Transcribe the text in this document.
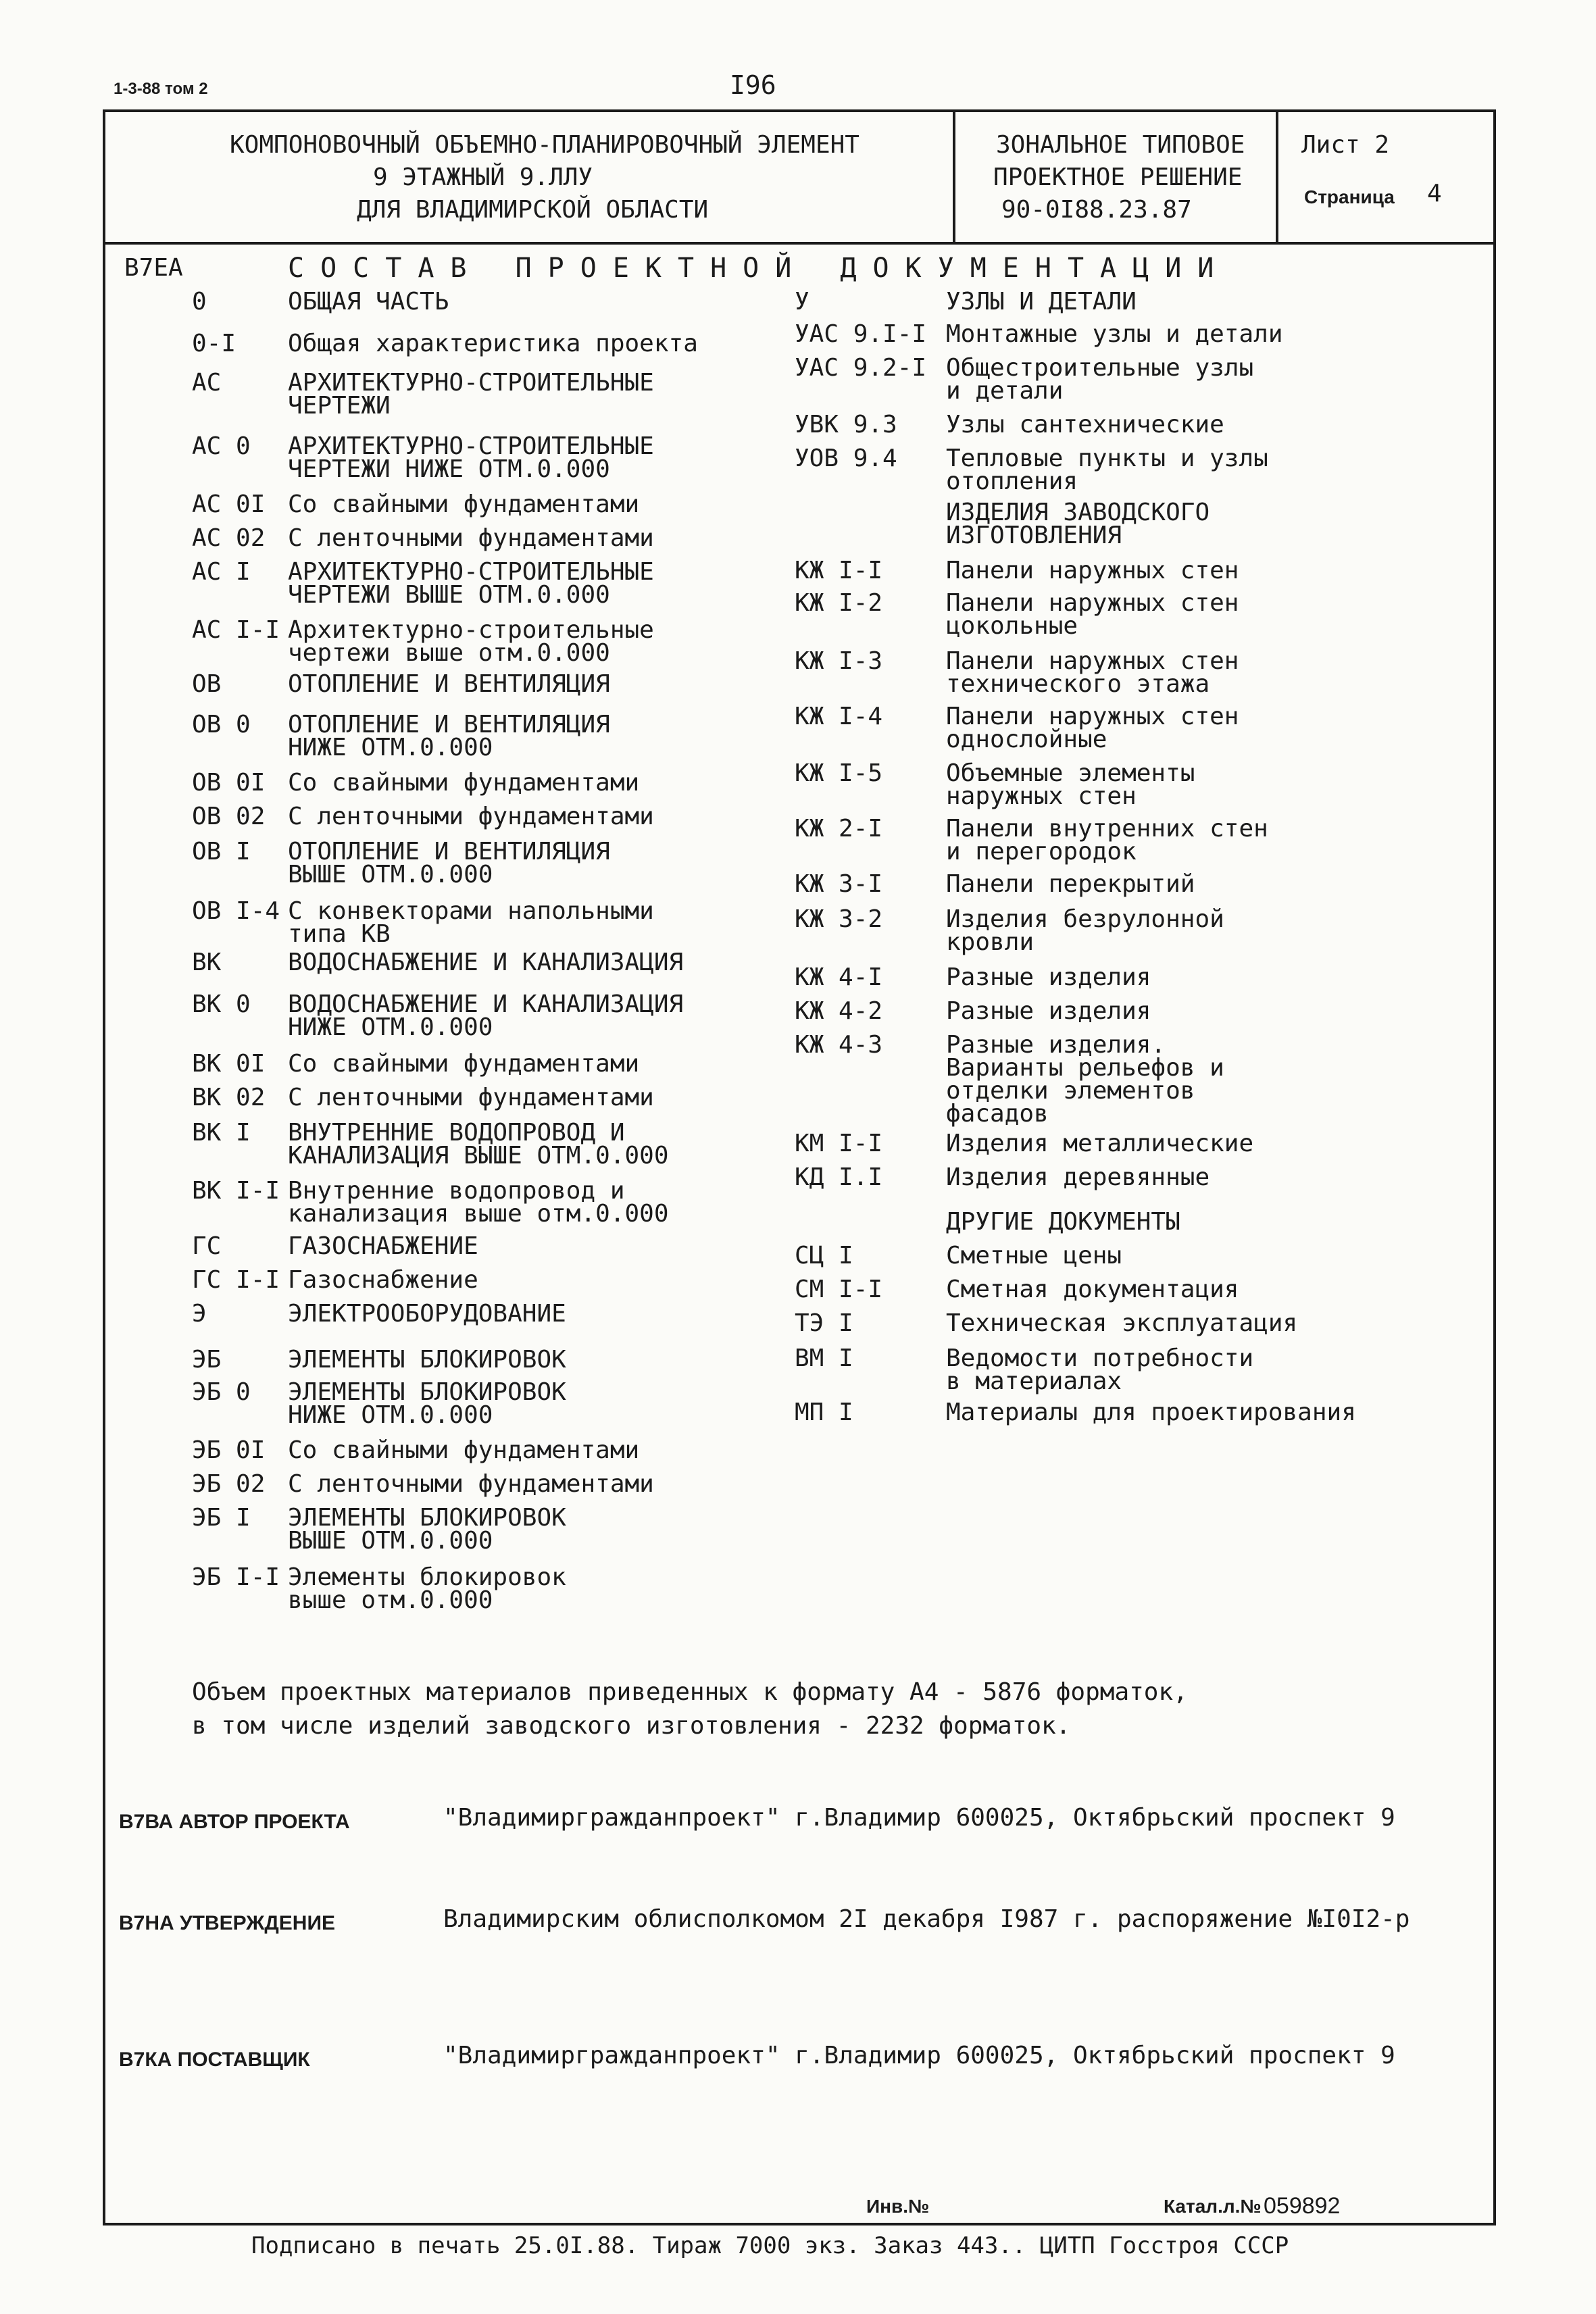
1-3-88 том 2	I96
КОМПОНОВОЧНЫЙ ОБЪЕМНО-ПЛАНИРОВОЧНЫЙ ЭЛЕМЕНТ
9 ЭТАЖНЫЙ 9.ЛЛУ
ДЛЯ ВЛАДИМИРСКОЙ ОБЛАСТИ
ЗОНАЛЬНОЕ ТИПОВОЕ
ПРОЕКТНОЕ РЕШЕНИЕ
90-0I88.23.87
Лист 2
Страница 4
В7ЕА	СОСТАВ ПРОЕКТНОЙ ДОКУМЕНТАЦИИ
0	ОБЩАЯ ЧАСТЬ
0-I Общая характеристика проекта
АС	АРХИТЕКТУРНО-СТРОИТЕЛЬНЫЕ
ЧЕРТЕЖИ
АС 0 АРХИТЕКТУРНО-СТРОИТЕЛЬНЫЕ
ЧЕРТЕЖИ НИЖЕ ОТМ.0.000
АС 0I Со свайными фундаментами
АС 02 С ленточными фундаментами
АС I АРХИТЕКТУРНО-СТРОИТЕЛЬНЫЕ
ЧЕРТЕЖИ ВЫШЕ ОТМ.0.000
АС I-I Архитектурно-строительные
чертежи выше отм.0.000
ОВ	ОТОПЛЕНИЕ И ВЕНТИЛЯЦИЯ
ОВ 0 ОТОПЛЕНИЕ И ВЕНТИЛЯЦИЯ
НИЖЕ ОТМ.0.000
ОВ 0I Со свайными фундаментами
ОВ 02 С ленточными фундаментами
ОВ I ОТОПЛЕНИЕ И ВЕНТИЛЯЦИЯ
ВЫШЕ ОТМ.0.000
ОВ I-4 С конвекторами напольными
типа КВ
ВК	ВОДОСНАБЖЕНИЕ И КАНАЛИЗАЦИЯ
ВК 0 ВОДОСНАБЖЕНИЕ И КАНАЛИЗАЦИЯ
НИЖЕ ОТМ.0.000
ВК 0I Со свайными фундаментами
ВК 02 С ленточными фундаментами
ВК I ВНУТРЕННИЕ ВОДОПРОВОД И
КАНАЛИЗАЦИЯ ВЫШЕ ОТМ.0.000
ВК I-I Внутренние водопровод и
канализация выше отм.0.000
ГС	ГАЗОСНАБЖЕНИЕ
ГС I-I Газоснабжение
Э	ЭЛЕКТРООБОРУДОВАНИЕ
ЭБ	ЭЛЕМЕНТЫ БЛОКИРОВОК
ЭБ 0 ЭЛЕМЕНТЫ БЛОКИРОВОК
НИЖЕ ОТМ.0.000
ЭБ 0I Со свайными фундаментами
ЭБ 02 С ленточными фундаментами
ЭБ I ЭЛЕМЕНТЫ БЛОКИРОВОК
ВЫШЕ ОТМ.0.000
ЭБ I-I Элементы блокировок
выше отм.0.000
У	УЗЛЫ И ДЕТАЛИ
УАС 9.I-I Монтажные узлы и детали
УАС 9.2-I Общестроительные узлы
и детали
УВК 9.3 Узлы сантехнические
УОВ 9.4 Тепловые пункты и узлы
отопления
ИЗДЕЛИЯ ЗАВОДСКОГО
ИЗГОТОВЛЕНИЯ
КЖ I-I	Панели наружных стен
КЖ I-2	Панели наружных стен
цокольные
КЖ I-3	Панели наружных стен
технического этажа
КЖ I-4	Панели наружных стен
однослойные
КЖ I-5	Объемные элементы
наружных стен
КЖ 2-I	Панели внутренних стен
и перегородок
КЖ 3-I	Панели перекрытий
КЖ 3-2	Изделия безрулонной
кровли
КЖ 4-I	Разные изделия
КЖ 4-2	Разные изделия
КЖ 4-3	Разные изделия.
Варианты рельефов и
отделки элементов
фасадов
КМ I-I	Изделия металлические
КД I.I	Изделия деревянные
ДРУГИЕ ДОКУМЕНТЫ
СЦ I	Сметные цены
СМ I-I	Сметная документация
ТЭ I	Техническая эксплуатация
ВМ I	Ведомости потребности
в материалах
МП I	Материалы для проектирования
Объем проектных материалов приведенных к формату А4 - 5876 форматок,
в том числе изделий заводского изготовления - 2232 форматок.
В7ВА АВТОР ПРОЕКТА	"Владимиргражданпроект" г.Владимир 600025, Октябрьский проспект 9
В7НА УТВЕРЖДЕНИЕ	Владимирским облисполкомом 2I декабря I987 г. распоряжение №I0I2-р
В7КА ПОСТАВЩИК	"Владимиргражданпроект" г.Владимир 600025, Октябрьский проспект 9
Инв.№	Катал.л.№ 059892
Подписано в печать 25.0I.88. Тираж 7000 экз. Заказ 443.. ЦИТП Госстроя СССР
